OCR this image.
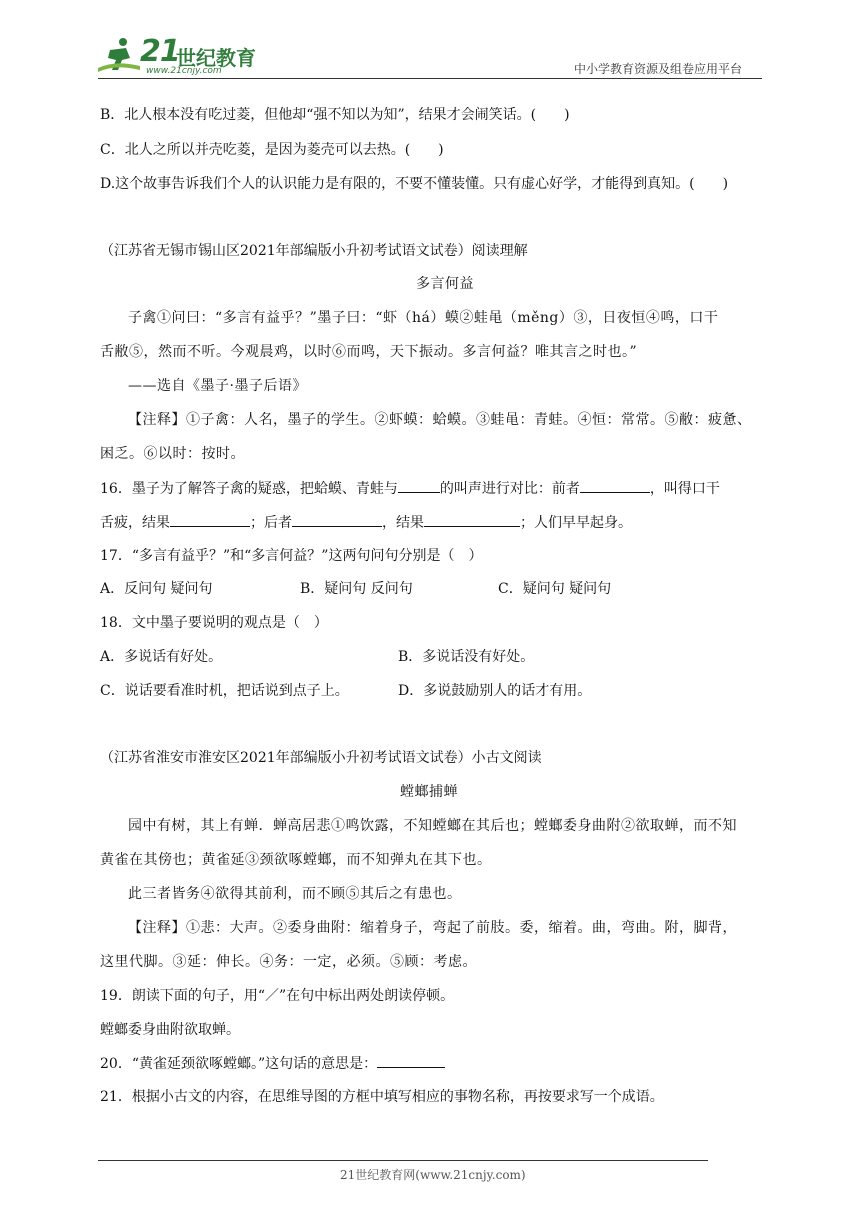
21
世纪教育
www.21cnjy.com	中小学教育资源及组卷应用平台
B．北人根本没有吃过菱，但他却“强不知以为知”，结果才会闹笑话。(　　)
C．北人之所以并壳吃菱，是因为菱壳可以去热。(　　)
D.这个故事告诉我们个人的认识能力是有限的，不要不懂装懂。只有虚心好学，才能得到真知。(　　)
（江苏省无锡市锡山区2021年部编版小升初考试语文试卷）阅读理解
多言何益
子禽①问曰：“多言有益乎？”墨子曰：“虾（há）蟆②蛙黾（měng）③，日夜恒④鸣，口干
舌敝⑤，然而不听。今观晨鸡，以时⑥而鸣，天下振动。多言何益？唯其言之时也。”
——选自《墨子·墨子后语》
【注释】①子禽：人名，墨子的学生。②虾蟆：蛤蟆。③蛙黾：青蛙。④恒：常常。⑤敝：疲惫、
困乏。⑥以时：按时。
16．墨子为了解答子禽的疑惑，把蛤蟆、青蛙与	的叫声进行对比：前者	，叫得口干
舌疲，结果	；后者	，结果	；人们早早起身。
17．“多言有益乎？”和“多言何益？”这两句问句分别是（　）
A．反问句 疑问句	B．疑问句 反问句	C．疑问句 疑问句
18．文中墨子要说明的观点是（　）
A．多说话有好处。	B．多说话没有好处。
C．说话要看准时机，把话说到点子上。	D．多说鼓励别人的话才有用。
（江苏省淮安市淮安区2021年部编版小升初考试语文试卷）小古文阅读
螳螂捕蝉
园中有树，其上有蝉．蝉高居悲①鸣饮露，不知螳螂在其后也；螳螂委身曲附②欲取蝉，而不知
黄雀在其傍也；黄雀延③颈欲啄螳螂，而不知弹丸在其下也。
此三者皆务④欲得其前利，而不顾⑤其后之有患也。
【注释】①悲：大声。②委身曲附：缩着身子，弯起了前肢。委，缩着。曲，弯曲。附，脚背，
这里代脚。③延：伸长。④务：一定，必须。⑤顾：考虑。
19．朗读下面的句子，用“／”在句中标出两处朗读停顿。
螳螂委身曲附欲取蝉。
20．“黄雀延颈欲啄螳螂。”这句话的意思是：
21．根据小古文的内容，在思维导图的方框中填写相应的事物名称，再按要求写一个成语。
21世纪教育网(www.21cnjy.com)
